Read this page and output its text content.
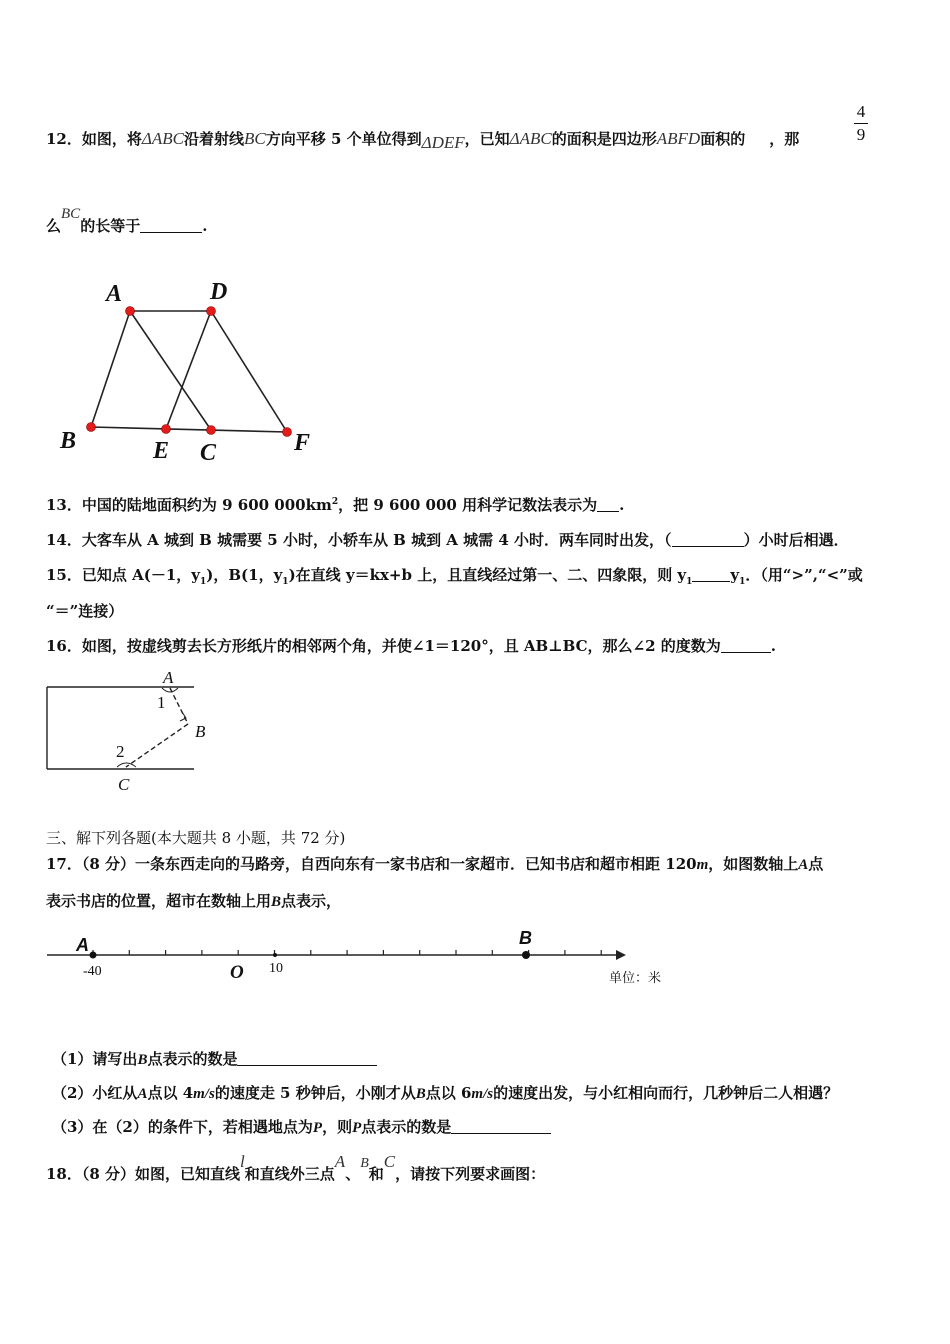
4
9
12．如图，将ΔABC沿着射线BC方向平移 5 个单位得到ΔDEF，已知ΔABC的面积是四边形ABFD面积的 ，那
么BC的长等于	.
A	D
B	E C	F
13．中国的陆地面积约为 9 600 $000km^2$，把 9 600 000 用科学记数法表示为 .
14．大客车从 A 城到 B 城需要 5 小时，小轿车从 B 城到 A 城需 4 小时．两车同时出发，（	）小时后相遇．
15．已知点 A(－1，$y_1$)，B(1，$y_1$)在直线 y＝kx+b 上，且直线经过第一、二、四象限，则 $y_1$	$y_1$．（用“>”,“<”或
“＝”连接）
16．如图，按虚线剪去长方形纸片的相邻两个角，并使∠1＝120°，且 AB⊥BC，那么∠2 的度数为	.
A
1
B
2
C
三、解下列各题(本大题共 8 小题，共 72 分)
17．（8 分）一条东西走向的马路旁，自西向东有一家书店和一家超市．已知书店和超市相距 120m，如图数轴上A点
表示书店的位置，超市在数轴上用B点表示，
A
-40	O 10
B
单位：米
（1）请写出B点表示的数是
（2）小红从A点以 4m/s的速度走 5 秒钟后，小刚才从B点以 6m/s的速度出发，与小红相向而行，几秒钟后二人相遇？
（3）在（2）的条件下，若相遇地点为P，则P点表示的数是
18．（8 分）如图，已知直线l和直线外三点A、B和C，请按下列要求画图：
